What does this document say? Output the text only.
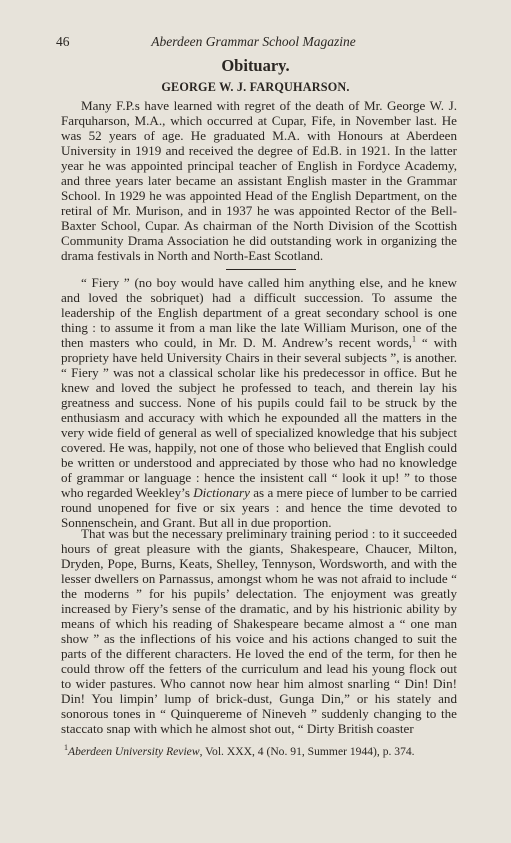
46	Aberdeen Grammar School Magazine
Obituary.
GEORGE W. J. FARQUHARSON.

Many F.P.s have learned with regret of the death of Mr. George W. J. Farquharson, M.A., which occurred at Cupar, Fife, in November last. He was 52 years of age. He graduated M.A. with Honours at Aberdeen University in 1919 and received the degree of Ed.B. in 1921. In the latter year he was appointed principal teacher of English in Fordyce Academy, and three years later became an assistant English master in the Grammar School. In 1929 he was appointed Head of the English Department, on the retiral of Mr. Murison, and in 1937 he was appointed Rector of the Bell-Baxter School, Cupar. As chairman of the North Division of the Scottish Community Drama Association he did outstanding work in organizing the drama festivals in North and North-East Scotland.

“ Fiery ” (no boy would have called him anything else, and he knew and loved the sobriquet) had a difficult succession. To assume the leadership of the English department of a great secondary school is one thing : to assume it from a man like the late William Murison, one of the then masters who could, in Mr. D. M. Andrew’s recent words,$^1$ “ with propriety have held University Chairs in their several subjects ”, is another. “ Fiery ” was not a classical scholar like his predecessor in office. But he knew and loved the subject he professed to teach, and therein lay his greatness and success. None of his pupils could fail to be struck by the enthusiasm and accuracy with which he expounded all the matters in the very wide field of general as well of specialized knowledge that his subject covered. He was, happily, not one of those who believed that English could be written or understood and appreciated by those who had no knowledge of grammar or language : hence the insistent call “ look it up! ” to those who regarded Weekley’s Dictionary as a mere piece of lumber to be carried round unopened for five or six years : and hence the time devoted to Sonnenschein, and Grant. But all in due proportion.

That was but the necessary preliminary training period : to it succeeded hours of great pleasure with the giants, Shakespeare, Chaucer, Milton, Dryden, Pope, Burns, Keats, Shelley, Tennyson, Wordsworth, and with the lesser dwellers on Parnassus, amongst whom he was not afraid to include “ the moderns ” for his pupils’ delectation. The enjoyment was greatly increased by Fiery’s sense of the dramatic, and by his histrionic ability by means of which his reading of Shakespeare became almost a “ one man show ” as the inflections of his voice and his actions changed to suit the parts of the different characters. He loved the end of the term, for then he could throw off the fetters of the curriculum and lead his young flock out to wider pastures. Who cannot now hear him almost snarling “ Din! Din! Din! You limpin’ lump of brick-dust, Gunga Din,” or his stately and sonorous tones in “ Quinquereme of Nineveh ” suddenly changing to the staccato snap with which he almost shot out, “ Dirty British coaster

$^1$Aberdeen University Review, Vol. XXX, 4 (No. 91, Summer 1944), p. 374.
